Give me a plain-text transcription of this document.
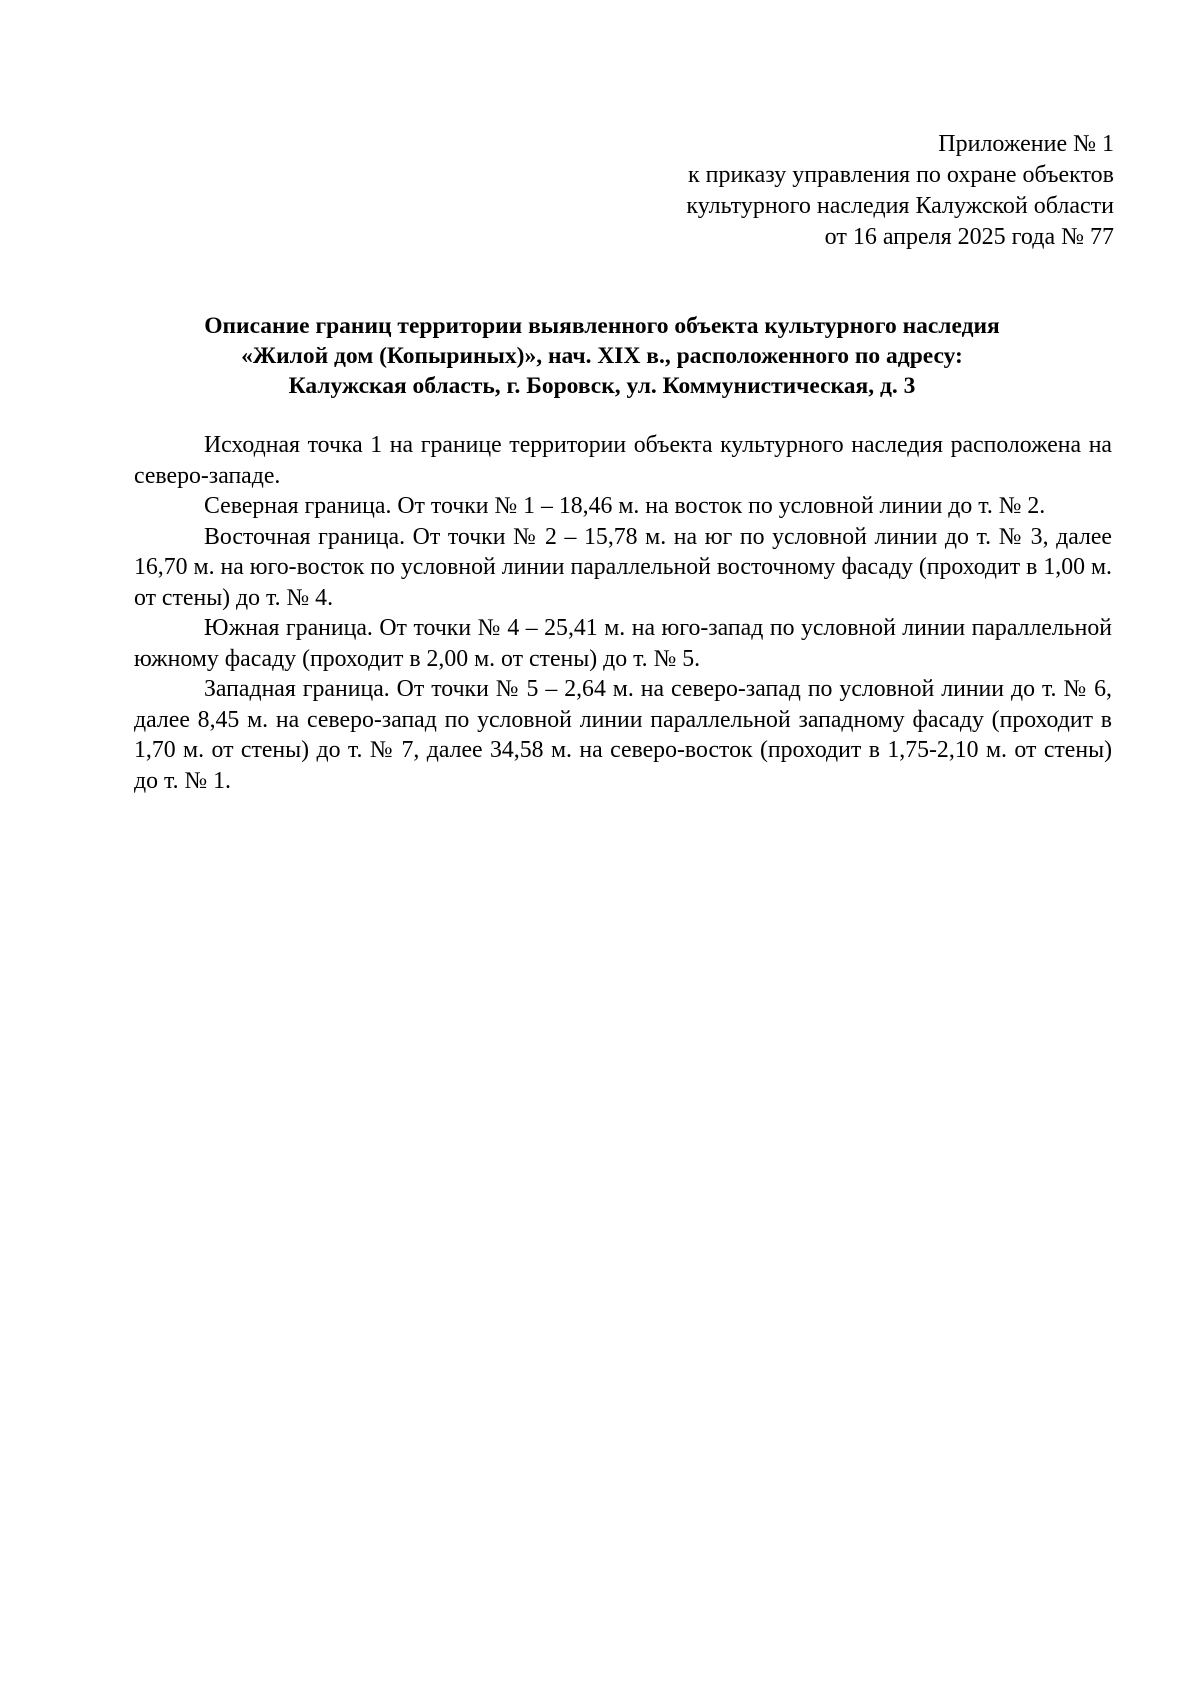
Приложение № 1
к приказу управления по охране объектов
культурного наследия Калужской области
от 16 апреля 2025 года № 77
Описание границ территории выявленного объекта культурного наследия
«Жилой дом (Копыриных)», нач. XIX в., расположенного по адресу:
Калужская область, г. Боровск, ул. Коммунистическая, д. 3

Исходная точка 1 на границе территории объекта культурного наследия расположена на северо-западе.

Северная граница. От точки № 1 – 18,46 м. на восток по условной линии до т. № 2.

Восточная граница. От точки № 2 – 15,78 м. на юг по условной линии до т. № 3, далее 16,70 м. на юго-восток по условной линии параллельной восточному фасаду (проходит в 1,00 м. от стены) до т. № 4.

Южная граница. От точки № 4 – 25,41 м. на юго-запад по условной линии параллельной южному фасаду (проходит в 2,00 м. от стены) до т. № 5.

Западная граница. От точки № 5 – 2,64 м. на северо-запад по условной линии до т. № 6, далее 8,45 м. на северо-запад по условной линии параллельной западному фасаду (проходит в 1,70 м. от стены) до т. № 7, далее 34,58 м. на северо-восток (проходит в 1,75-2,10 м. от стены) до т. № 1.
